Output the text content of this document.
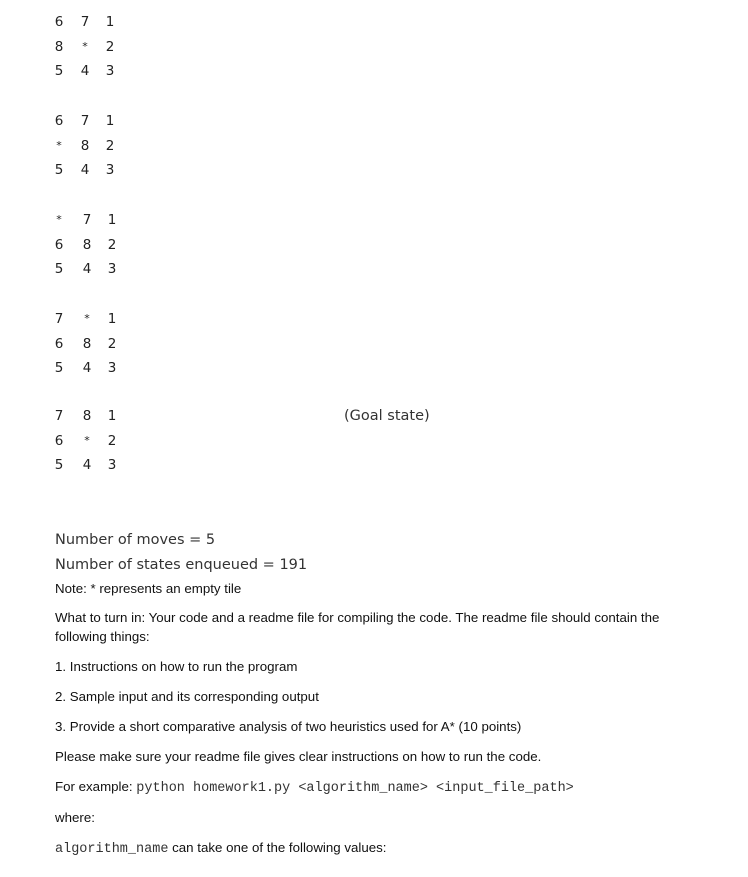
6 7 1
8	*	2
5 4 3
6 7 1
*	8 2
5 4 3
*	7 1
6 8 2
5 4 3
7	*	1
6 8 2
5 4 3
7 8 1
6	*	2
5 4 3
(Goal state)
Number of moves = 5
Number of states enqueued = 191
Note: * represents an empty tile
What to turn in: Your code and a readme file for compiling the code. The readme file should contain the following things:
1. Instructions on how to run the program
2. Sample input and its corresponding output
3. Provide a short comparative analysis of two heuristics used for A* (10 points)
Please make sure your readme file gives clear instructions on how to run the code.
For example: python homework1.py <algorithm_name> <input_file_path>
where:
algorithm_name can take one of the following values:
